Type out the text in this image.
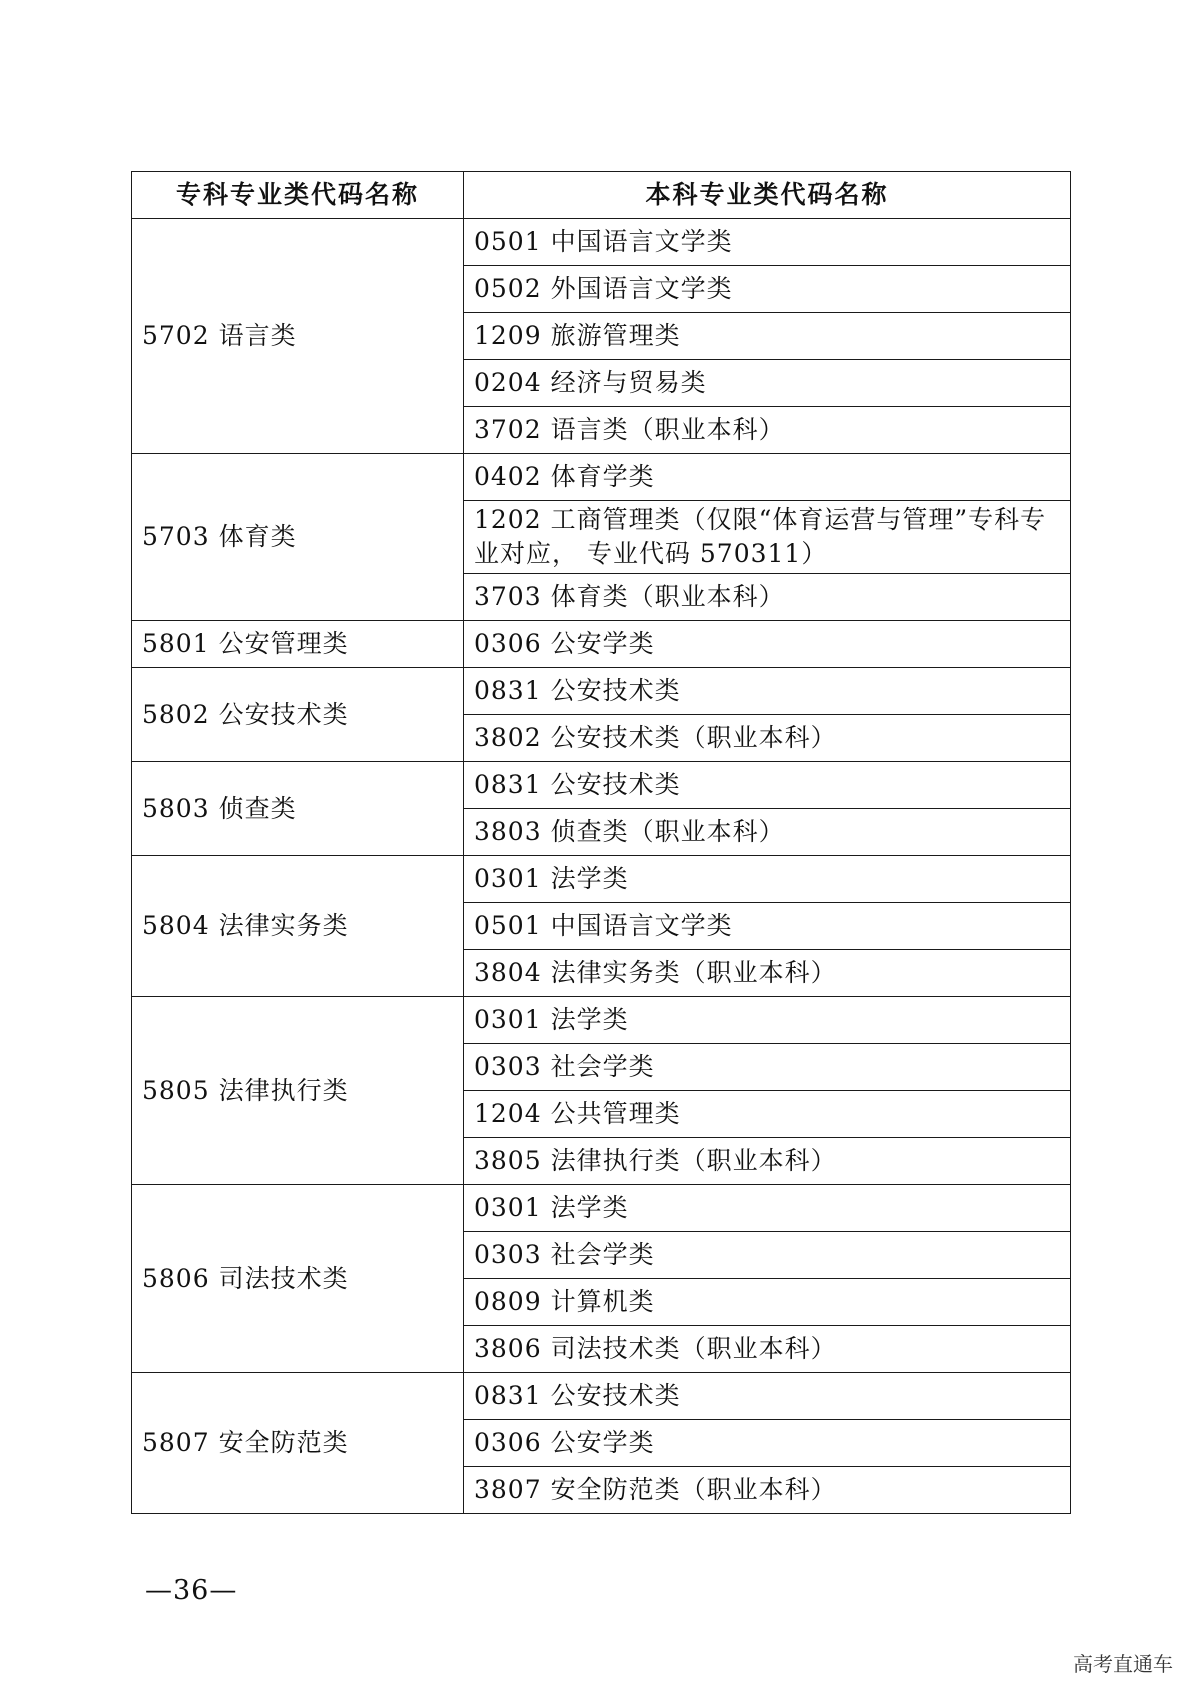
专科专业类代码名称	本科专业类代码名称
5702 语言类	0501 中国语言文学类
	0502 外国语言文学类
	1209 旅游管理类
	0204 经济与贸易类
	3702 语言类（职业本科）
5703 体育类	0402 体育学类
	1202 工商管理类（仅限“体育运营与管理”专科专业对应， 专业代码 570311）
	3703 体育类（职业本科）
5801 公安管理类	0306 公安学类
5802 公安技术类	0831 公安技术类
	3802 公安技术类（职业本科）
5803 侦查类	0831 公安技术类
	3803 侦查类（职业本科）
5804 法律实务类	0301 法学类
	0501 中国语言文学类
	3804 法律实务类（职业本科）
5805 法律执行类	0301 法学类
	0303 社会学类
	1204 公共管理类
	3805 法律执行类（职业本科）
5806 司法技术类	0301 法学类
	0303 社会学类
	0809 计算机类
	3806 司法技术类（职业本科）
5807 安全防范类	0831 公安技术类
	0306 公安学类
	3807 安全防范类（职业本科）
—36—
高考直通车
